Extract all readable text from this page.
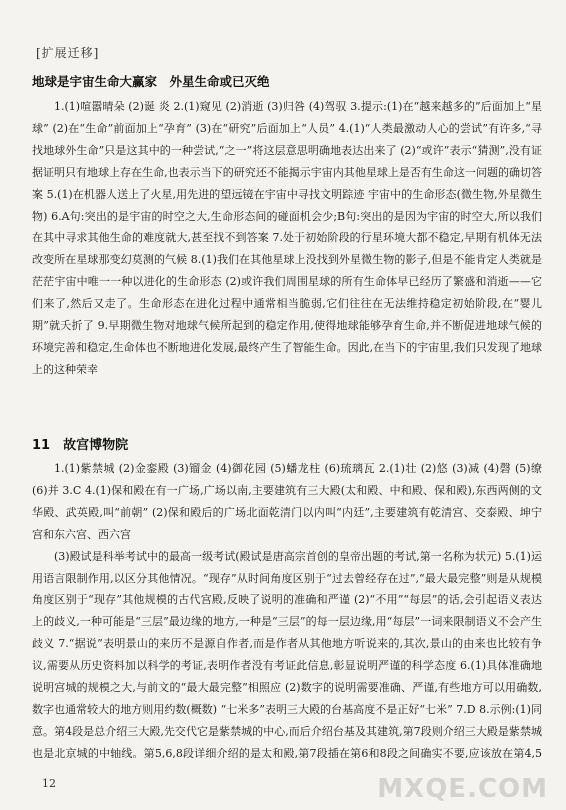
[扩展迁移]
地球是宇宙生命大赢家　外星生命或已灭绝

1.(1)喧嚣晴朵 (2)诞 炎 2.(1)窥见 (2)消逝 (3)归咎 (4)驾驭 3.提示:(1)在“越来越多的”后面加上“星球” (2)在“生命”前面加上“孕育” (3)在“研究”后面加上“人员” 4.(1)“人类最激动人心的尝试”有许多,“寻找地球外生命”只是这其中的一种尝试,“之一”将这层意思明确地表达出来了 (2)“或许”表示“猜测”,没有证据证明只有地球上存在生命,也表示当下的研究还不能揭示宇宙内其他星球上是否有生命这一问题的确切答案 5.(1)在机器人送上了火星,用先进的望远镜在宇宙中寻找文明踪迹 宇宙中的生命形态(微生物,外星微生物) 6.A句:突出的是宇宙的时空之大,生命形态间的碰面机会少;B句:突出的是因为宇宙的时空大,所以我们在其中寻求其他生命的难度就大,甚至找不到答案 7.处于初始阶段的行星环境大都不稳定,早期有机体无法改变所在星球那变幻莫测的气候 8.(1)我们在其他星球上没找到外星微生物的影子,但是不能肯定人类就是茫茫宇宙中唯一一种以进化的生命形态 (2)或许我们周围星球的所有生命体早已经历了繁盛和消逝——它们来了,然后又走了。生命形态在进化过程中通常相当脆弱,它们往往在无法维持稳定初始阶段,在“婴儿期”就夭折了 9.早期微生物对地球气候所起到的稳定作用,使得地球能够孕育生命,并不断促进地球气候的环境完善和稳定,生命体也不断地进化发展,最终产生了智能生命。因此,在当下的宇宙里,我们只发现了地球上的这种荣幸

11　故宫博物院

1.(1)紫禁城 (2)金銮殿 (3)镏金 (4)御花园 (5)蟠龙柱 (6)琉璃瓦 2.(1)壮 (2)悠 (3)减 (4)磬 (5)缭 (6)并 3.C 4.(1)保和殿在有一广场,广场以南,主要建筑有三大殿(太和殿、中和殿、保和殿),东西两侧的文华殿、武英殿,叫“前朝” (2)保和殿后的广场北面乾清门以内叫“内廷”,主要建筑有乾清宫、交泰殿、坤宁宫和东六宫、西六宫

(3)殿试是科举考试中的最高一级考试(殿试是唐高宗首创的皇帝出题的考试,第一名称为状元) 5.(1)运用语言限制作用,以区分其他情况。“现存”从时间角度区别于“过去曾经存在过”,“最大最完整”则是从规模角度区别于“现存”其他规模的古代宫殿,反映了说明的准确和严谨 (2)“不用”“每层”的话,会引起语义表达上的歧义,一种可能是“三层”最边缘的地方,一种是“三层”的每一层边缘,用“每层”一词来限制语义不会产生歧义 7.“据说”表明景山的来历不是源自作者,而是作者从其他地方听说来的,其次,景山的由来也比较有争议,需要从历史资料加以科学的考证,表明作者没有考证此信息,彰显说明严谨的科学态度 6.(1)具体准确地说明宫城的规模之大,与前文的“最大最完整”相照应 (2)数字的说明需要准确、严谨,有些地方可以用确数,数字也通常较大的地方则用约数(概数) “七米多”表明三大殿的台基高度不是正好“七米” 7.D 8.示例:(1)同意。第4段是总介绍三大殿,先交代它是紫禁城的中心,而后介绍台基及其建筑,第7段则介绍三大殿是紫禁城也是北京城的中轴线。第5,6,8段详细介绍的是太和殿,第7段插在第6和8段之间确实不要,应该放在第4,5

12	MXQE.COM
